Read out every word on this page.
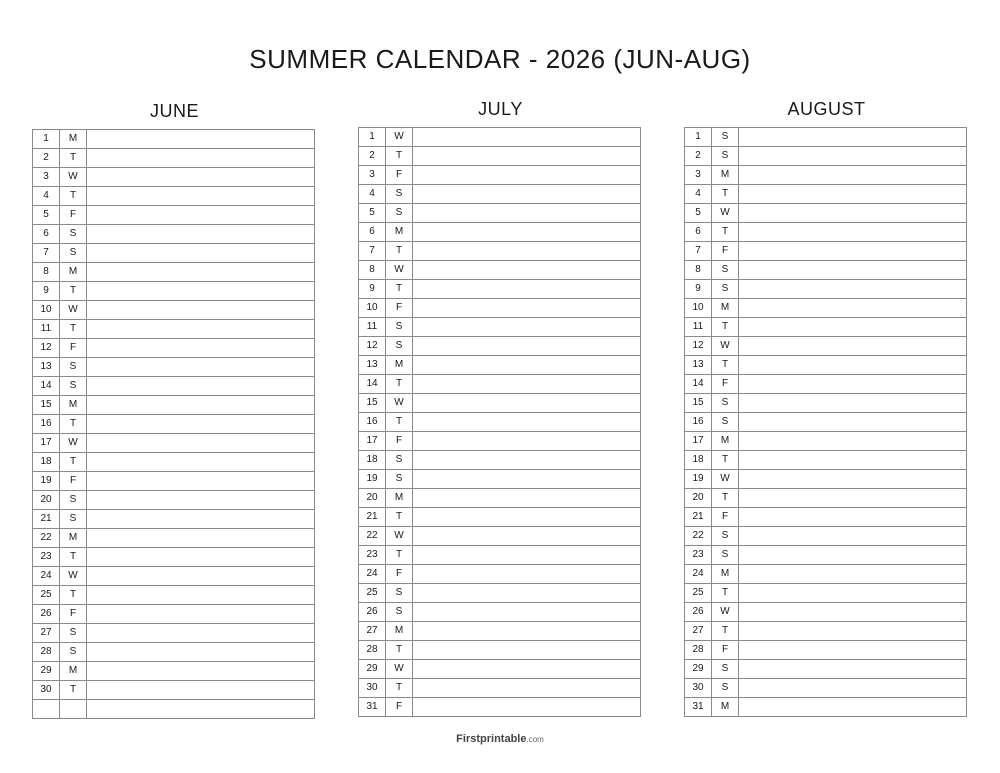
SUMMER CALENDAR - 2026 (JUN-AUG)
JUNE
1	M	
2	T	
3	W	
4	T	
5	F	
6	S	
7	S	
8	M	
9	T	
10	W	
11	T	
12	F	
13	S	
14	S	
15	M	
16	T	
17	W	
18	T	
19	F	
20	S	
21	S	
22	M	
23	T	
24	W	
25	T	
26	F	
27	S	
28	S	
29	M	
30	T	

JULY
1	W	
2	T	
3	F	
4	S	
5	S	
6	M	
7	T	
8	W	
9	T	
10	F	
11	S	
12	S	
13	M	
14	T	
15	W	
16	T	
17	F	
18	S	
19	S	
20	M	
21	T	
22	W	
23	T	
24	F	
25	S	
26	S	
27	M	
28	T	
29	W	
30	T	
31	F	
AUGUST
1	S	
2	S	
3	M	
4	T	
5	W	
6	T	
7	F	
8	S	
9	S	
10	M	
11	T	
12	W	
13	T	
14	F	
15	S	
16	S	
17	M	
18	T	
19	W	
20	T	
21	F	
22	S	
23	S	
24	M	
25	T	
26	W	
27	T	
28	F	
29	S	
30	S	
31	M	
Firstprintable.com
